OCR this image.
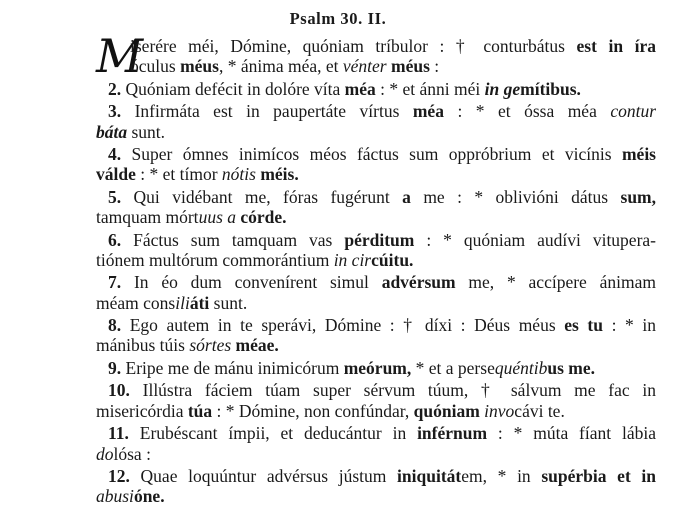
Psalm 30. II.
M
iserére méi, Dómine, quóniam tríbulor : † conturbátus est in íra
óculus méus, * ánima méa, et vénter méus :
2. Quóniam defécit in dolóre víta méa : * et ánni méi in gemítibus.
3. Infirmáta est in paupertáte vírtus méa : * et óssa méa contur
báta sunt.
4. Super ómnes inimícos méos fáctus sum oppróbrium et vicínis méis
válde : * et tímor nótis méis.
5. Qui vidébant me, fóras fugérunt a me : * oblivióni dátus sum,
tamquam mórtuus a córde.
6. Fáctus sum tamquam vas pérditum : * quóniam audívi vitupera-
tiónem multórum commorántium in circúitu.
7. In éo dum convenírent simul advérsum me, * accípere ánimam
méam consiliáti sunt.
8. Ego autem in te sperávi, Dómine : † díxi : Déus méus es tu : * in
mánibus túis sórtes méae.
9. Eripe me de mánu inimicórum meórum, * et a persequéntibus me.
10. Illústra fáciem túam super sérvum túum, † sálvum me fac in
misericórdia túa : * Dómine, non confúndar, quóniam invocávi te.
11. Erubéscant ímpii, et deducántur in inférnum : * múta fíant lábia
dolósa :
12. Quae loquúntur advérsus jústum iniquitátem, * in supérbia et in
abusióne.
